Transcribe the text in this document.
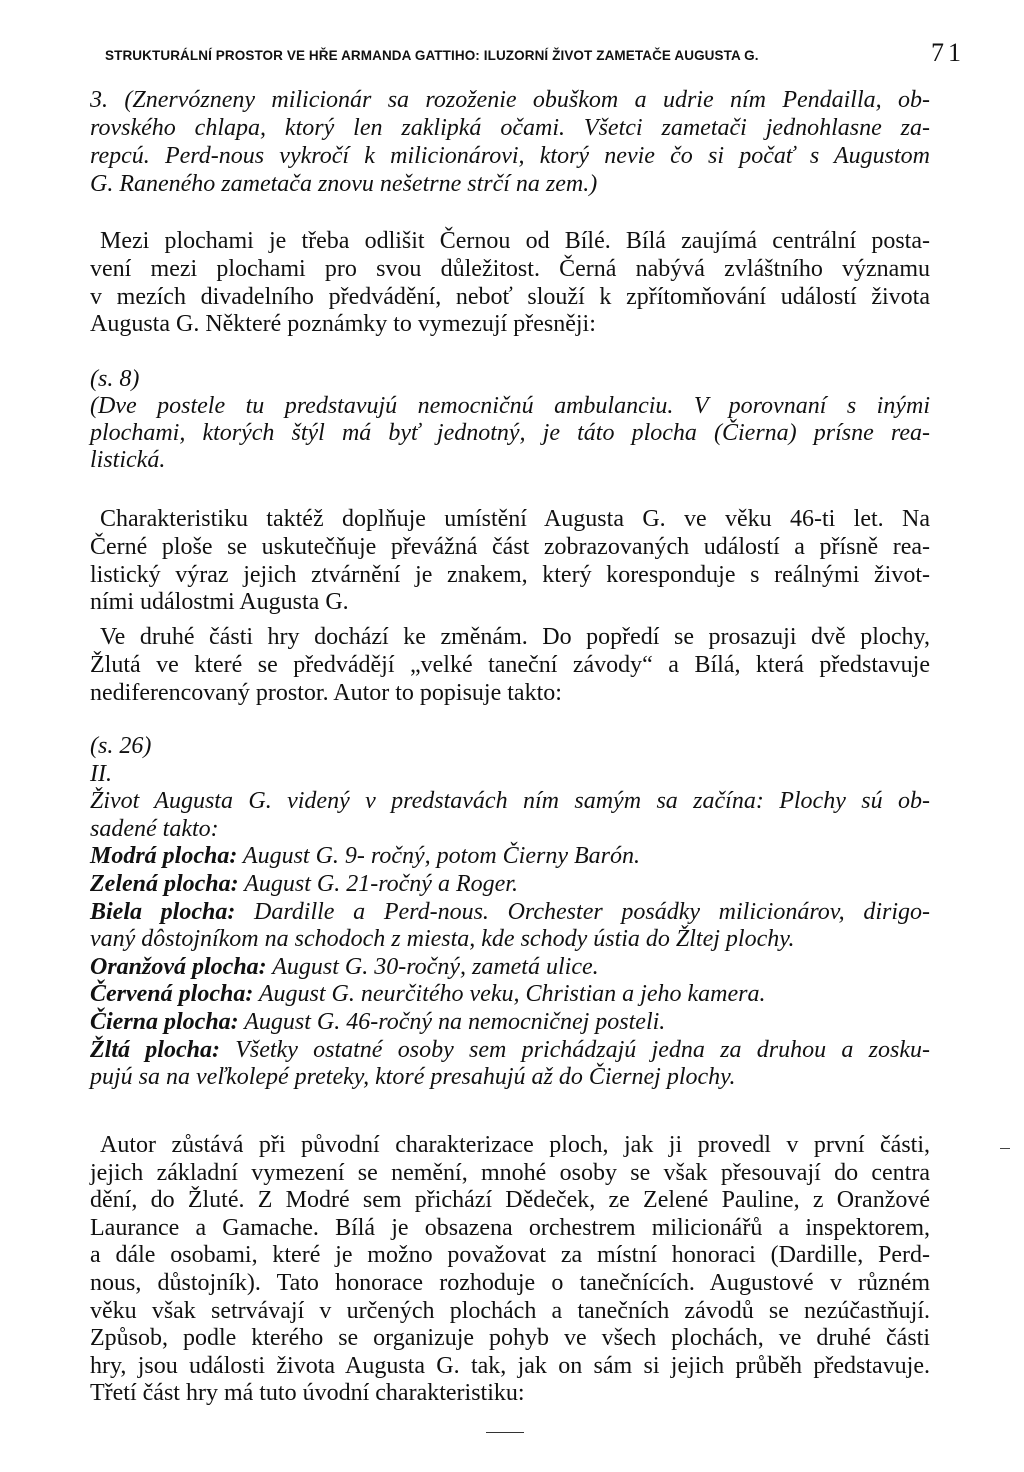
STRUKTURÁLNÍ PROSTOR VE HŘE ARMANDA GATTIHO: ILUZORNÍ ŽIVOT ZAMETAČE AUGUSTA G.	71
3. (Znervózneny milicionár sa rozoženie obuškom a udrie ním Pendailla, ob-
rovského chlapa, ktorý len zaklipká očami. Všetci zametači jednohlasne za-
repcú. Perd-nous vykročí k milicionárovi, ktorý nevie čo si počať s Augustom
G. Raneného zametača znovu nešetrne strčí na zem.)
Mezi plochami je třeba odlišit Černou od Bílé. Bílá zaujímá centrální posta-
vení mezi plochami pro svou důležitost. Černá nabývá zvláštního významu
v mezích divadelního předvádění, neboť slouží k zpřítomňování událostí života
Augusta G. Některé poznámky to vymezují přesněji:
(s. 8)
(Dve postele tu predstavujú nemocničnú ambulanciu. V porovnaní s inými
plochami, ktorých štýl má byť jednotný, je táto plocha (Čierna) prísne rea-
listická.
Charakteristiku taktéž doplňuje umístění Augusta G. ve věku 46-ti let. Na
Černé ploše se uskutečňuje převážná část zobrazovaných událostí a přísně rea-
listický výraz jejich ztvárnění je znakem, který koresponduje s reálnými život-
ními událostmi Augusta G.
Ve druhé části hry dochází ke změnám. Do popředí se prosazuji dvě plochy,
Žlutá ve které se předvádějí „velké taneční závody“ a Bílá, která představuje
nediferencovaný prostor. Autor to popisuje takto:
(s. 26)
II.
Život Augusta G. videný v predstavách ním samým sa začína: Plochy sú ob-
sadené takto:
Modrá plocha: August G. 9- ročný, potom Čierny Barón.
Zelená plocha: August G. 21-ročný a Roger.
Biela plocha: Dardille a Perd-nous. Orchester posádky milicionárov, dirigo-
vaný dôstojníkom na schodoch z miesta, kde schody ústia do Žltej plochy.
Oranžová plocha: August G. 30-ročný, zametá ulice.
Červená plocha: August G. neurčitého veku, Christian a jeho kamera.
Čierna plocha: August G. 46-ročný na nemocničnej posteli.
Žltá plocha: Všetky ostatné osoby sem prichádzajú jedna za druhou a zosku-
pujú sa na veľkolepé preteky, ktoré presahujú až do Čiernej plochy.
Autor zůstává při původní charakterizace ploch, jak ji provedl v první části,
jejich základní vymezení se nemění, mnohé osoby se však přesouvají do centra
dění, do Žluté. Z Modré sem přichází Dědeček, ze Zelené Pauline, z Oranžové
Laurance a Gamache. Bílá je obsazena orchestrem milicionářů a inspektorem,
a dále osobami, které je možno považovat za místní honoraci (Dardille, Perd-
nous, důstojník). Tato honorace rozhoduje o tanečnících. Augustové v různém
věku však setrvávají v určených plochách a tanečních závodů se nezúčastňují.
Způsob, podle kterého se organizuje pohyb ve všech plochách, ve druhé části
hry, jsou události života Augusta G. tak, jak on sám si jejich průběh představuje.
Třetí část hry má tuto úvodní charakteristiku:
